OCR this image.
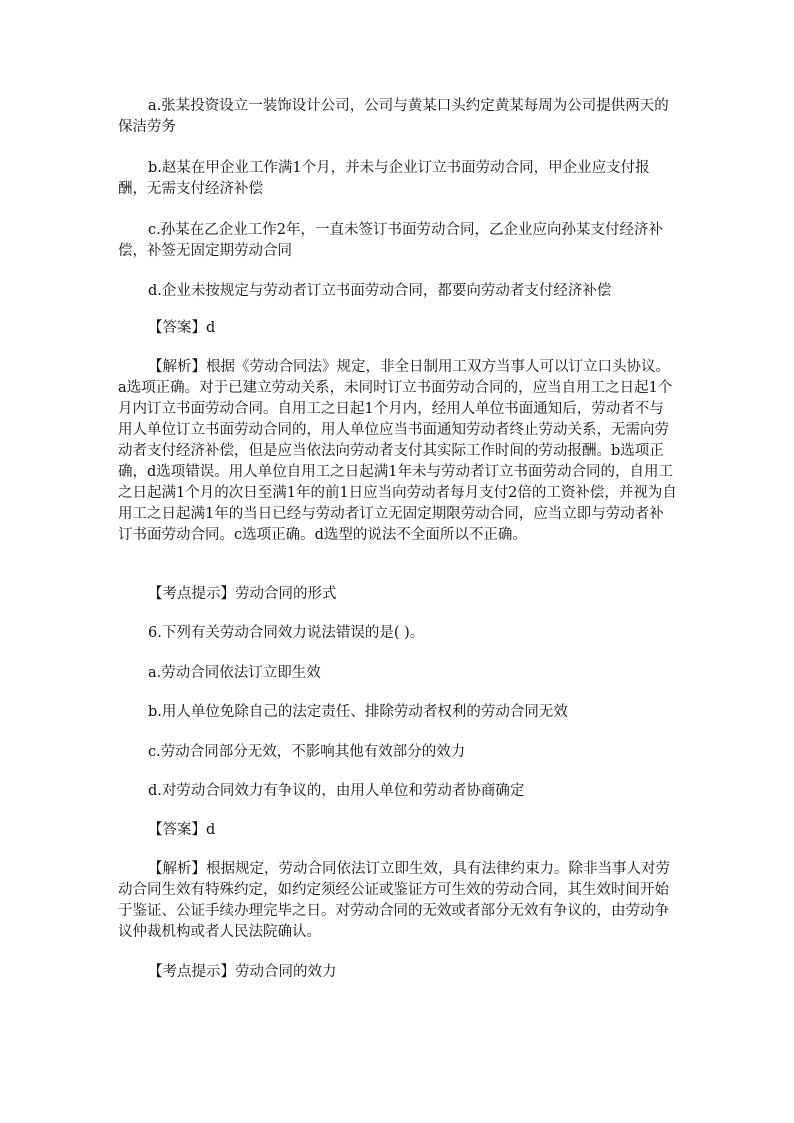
a.张某投资设立一装饰设计公司，公司与黄某口头约定黄某每周为公司提供两天的保洁劳务

b.赵某在甲企业工作满1个月，并未与企业订立书面劳动合同，甲企业应支付报酬，无需支付经济补偿

c.孙某在乙企业工作2年，一直未签订书面劳动合同，乙企业应向孙某支付经济补偿，补签无固定期劳动合同

d.企业未按规定与劳动者订立书面劳动合同，都要向劳动者支付经济补偿

【答案】d

【解析】根据《劳动合同法》规定，非全日制用工双方当事人可以订立口头协议。a选项正确。对于已建立劳动关系，未同时订立书面劳动合同的，应当自用工之日起1个月内订立书面劳动合同。自用工之日起1个月内，经用人单位书面通知后，劳动者不与用人单位订立书面劳动合同的，用人单位应当书面通知劳动者终止劳动关系，无需向劳动者支付经济补偿，但是应当依法向劳动者支付其实际工作时间的劳动报酬。b选项正确，d选项错误。用人单位自用工之日起满1年未与劳动者订立书面劳动合同的，自用工之日起满1个月的次日至满1年的前1日应当向劳动者每月支付2倍的工资补偿，并视为自用工之日起满1年的当日已经与劳动者订立无固定期限劳动合同，应当立即与劳动者补订书面劳动合同。c选项正确。d选型的说法不全面所以不正确。

【考点提示】劳动合同的形式

6.下列有关劳动合同效力说法错误的是( )。

a.劳动合同依法订立即生效

b.用人单位免除自己的法定责任、排除劳动者权利的劳动合同无效

c.劳动合同部分无效，不影响其他有效部分的效力

d.对劳动合同效力有争议的，由用人单位和劳动者协商确定

【答案】d

【解析】根据规定，劳动合同依法订立即生效，具有法律约束力。除非当事人对劳动合同生效有特殊约定，如约定须经公证或鉴证方可生效的劳动合同，其生效时间开始于鉴证、公证手续办理完毕之日。对劳动合同的无效或者部分无效有争议的，由劳动争议仲裁机构或者人民法院确认。

【考点提示】劳动合同的效力
